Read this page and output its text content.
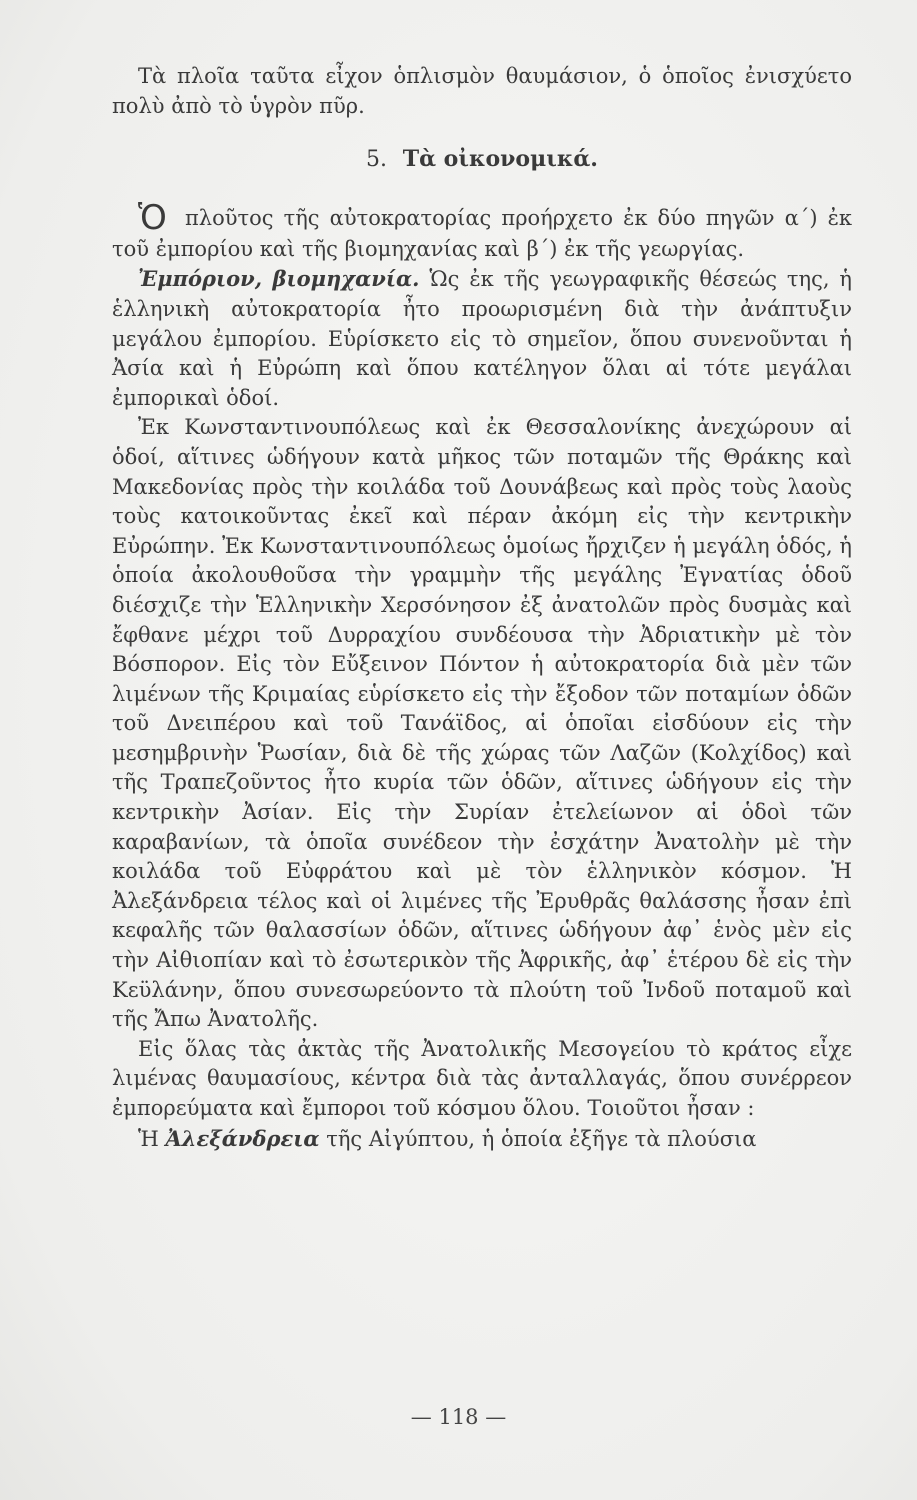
Τὰ πλοῖα ταῦτα εἶχον ὁπλισμὸν θαυμάσιον, ὁ ὁποῖος ἐνισχύετο πολὺ ἀπὸ τὸ ὑγρὸν πῦρ.

5. Τὰ οἰκονομικά.

Ὁ πλοῦτος τῆς αὐτοκρατορίας προήρχετο ἐκ δύο πηγῶν α΄) ἐκ τοῦ ἐμπορίου καὶ τῆς βιομηχανίας καὶ β΄) ἐκ τῆς γεωργίας.

Ἐμπόριον, βιομηχανία. Ὡς ἐκ τῆς γεωγραφικῆς θέσεώς της, ἡ ἑλληνικὴ αὐτοκρατορία ἦτο προωρισμένη διὰ τὴν ἀνάπτυξιν μεγάλου ἐμπορίου. Εὑρίσκετο εἰς τὸ σημεῖον, ὅπου συνενοῦνται ἡ Ἀσία καὶ ἡ Εὐρώπη καὶ ὅπου κατέληγον ὅλαι αἱ τότε μεγάλαι ἐμπορικαὶ ὁδοί.

Ἐκ Κωνσταντινουπόλεως καὶ ἐκ Θεσσαλονίκης ἀνεχώρουν αἱ ὁδοί, αἵτινες ὡδήγουν κατὰ μῆκος τῶν ποταμῶν τῆς Θράκης καὶ Μακεδονίας πρὸς τὴν κοιλάδα τοῦ Δουνάβεως καὶ πρὸς τοὺς λαοὺς τοὺς κατοικοῦντας ἐκεῖ καὶ πέραν ἀκόμη εἰς τὴν κεντρικὴν Εὐρώπην. Ἐκ Κωνσταντινουπόλεως ὁμοίως ἤρχιζεν ἡ μεγάλη ὁδός, ἡ ὁποία ἀκολουθοῦσα τὴν γραμμὴν τῆς μεγάλης Ἐγνατίας ὁδοῦ διέσχιζε τὴν Ἑλληνικὴν Χερσόνησον ἐξ ἀνατολῶν πρὸς δυσμὰς καὶ ἔφθανε μέχρι τοῦ Δυρραχίου συνδέουσα τὴν Ἀδριατικὴν μὲ τὸν Βόσπορον. Εἰς τὸν Εὔξεινον Πόντον ἡ αὐτοκρατορία διὰ μὲν τῶν λιμένων τῆς Κριμαίας εὑρίσκετο εἰς τὴν ἔξοδον τῶν ποταμίων ὁδῶν τοῦ Δνειπέρου καὶ τοῦ Τανάϊδος, αἱ ὁποῖαι εἰσδύουν εἰς τὴν μεσημβρινὴν Ῥωσίαν, διὰ δὲ τῆς χώρας τῶν Λαζῶν (Κολχίδος) καὶ τῆς Τραπεζοῦντος ἦτο κυρία τῶν ὁδῶν, αἵτινες ὡδήγουν εἰς τὴν κεντρικὴν Ἀσίαν. Εἰς τὴν Συρίαν ἐτελείωνον αἱ ὁδοὶ τῶν καραβανίων, τὰ ὁποῖα συνέδεον τὴν ἐσχάτην Ἀνατολὴν μὲ τὴν κοιλάδα τοῦ Εὐφράτου καὶ μὲ τὸν ἑλληνικὸν κόσμον. Ἡ Ἀλεξάνδρεια τέλος καὶ οἱ λιμένες τῆς Ἐρυθρᾶς θαλάσσης ἦσαν ἐπὶ κεφαλῆς τῶν θαλασσίων ὁδῶν, αἵτινες ὡδήγουν ἀφ᾽ ἑνὸς μὲν εἰς τὴν Αἰθιοπίαν καὶ τὸ ἐσωτερικὸν τῆς Ἀφρικῆς, ἀφ᾽ ἑτέρου δὲ εἰς τὴν Κεϋλάνην, ὅπου συνεσωρεύοντο τὰ πλούτη τοῦ Ἰνδοῦ ποταμοῦ καὶ τῆς Ἄπω Ἀνατολῆς.

Εἰς ὅλας τὰς ἀκτὰς τῆς Ἀνατολικῆς Μεσογείου τὸ κράτος εἶχε λιμένας θαυμασίους, κέντρα διὰ τὰς ἀνταλλαγάς, ὅπου συνέρρεον ἐμπορεύματα καὶ ἔμποροι τοῦ κόσμου ὅλου. Τοιοῦτοι ἦσαν :

Ἡ Ἀλεξάνδρεια τῆς Αἰγύπτου, ἡ ὁποία ἐξῆγε τὰ πλούσια

— 118 —
